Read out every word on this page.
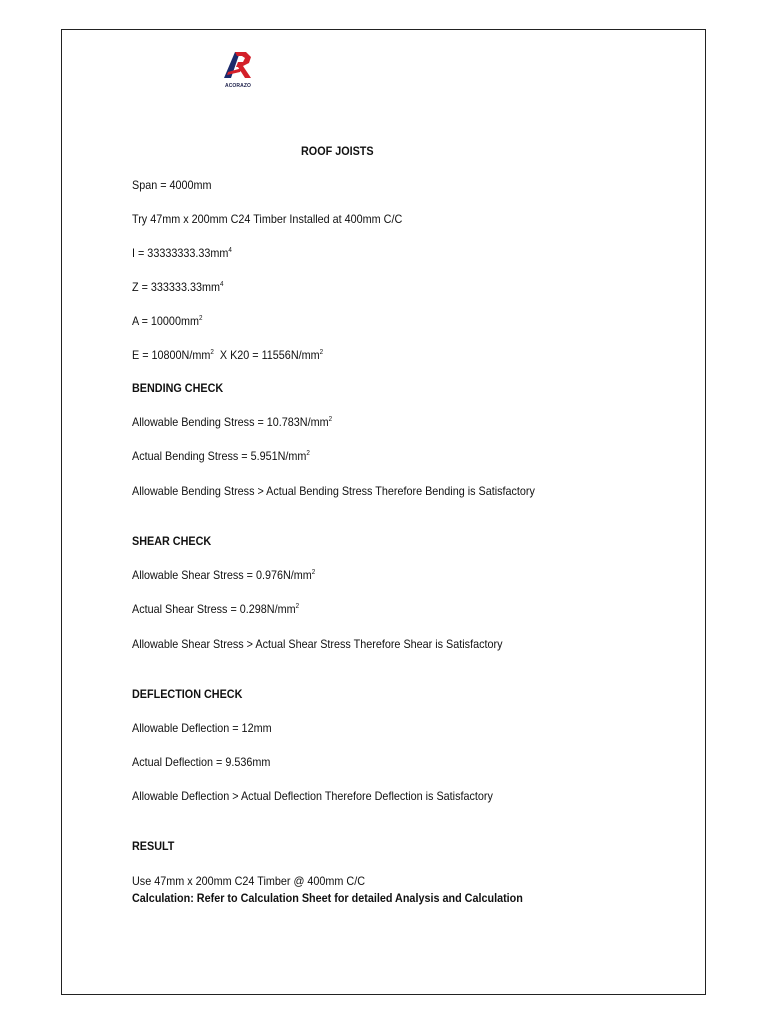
ACORAZO
ROOF JOISTS
Span = 4000mm
Try 47mm x 200mm C24 Timber Installed at 400mm C/C
$I = 33333333.33mm^4$
$Z = 333333.33mm^4$
$A = 10000mm^2$
$E = 10800N/mm^2$  X $K20 = 11556N/mm^2$
BENDING CHECK
Allowable Bending Stress = $10.783N/mm^2$
Actual Bending Stress = $5.951N/mm^2$
Allowable Bending Stress > Actual Bending Stress Therefore Bending is Satisfactory
SHEAR CHECK
Allowable Shear Stress = $0.976N/mm^2$
Actual Shear Stress = $0.298N/mm^2$
Allowable Shear Stress > Actual Shear Stress Therefore Shear is Satisfactory
DEFLECTION CHECK
Allowable Deflection = 12mm
Actual Deflection = 9.536mm
Allowable Deflection > Actual Deflection Therefore Deflection is Satisfactory
RESULT
Use 47mm x 200mm C24 Timber @ 400mm C/C
Calculation: Refer to Calculation Sheet for detailed Analysis and Calculation
